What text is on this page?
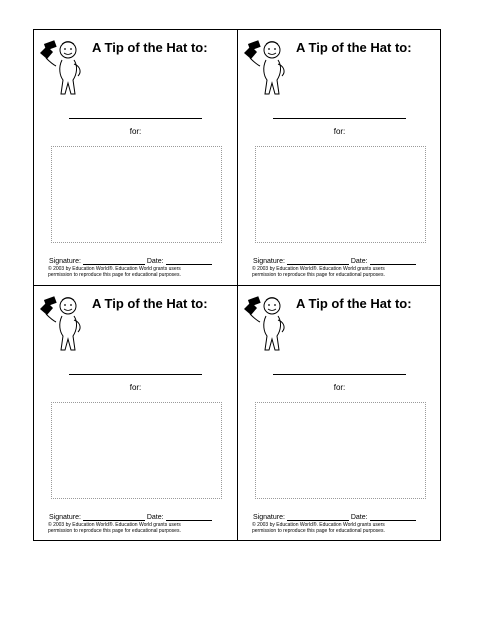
A Tip of the Hat to:
for:
Signature:	Date:
© 2003 by Education World®. Education World grants users
permission to reproduce this page for educational purposes.
A Tip of the Hat to:
for:
Signature:	Date:
© 2003 by Education World®. Education World grants users
permission to reproduce this page for educational purposes.
A Tip of the Hat to:
for:
Signature:	Date:
© 2003 by Education World®. Education World grants users
permission to reproduce this page for educational purposes.
A Tip of the Hat to:
for:
Signature:	Date:
© 2003 by Education World®. Education World grants users
permission to reproduce this page for educational purposes.
